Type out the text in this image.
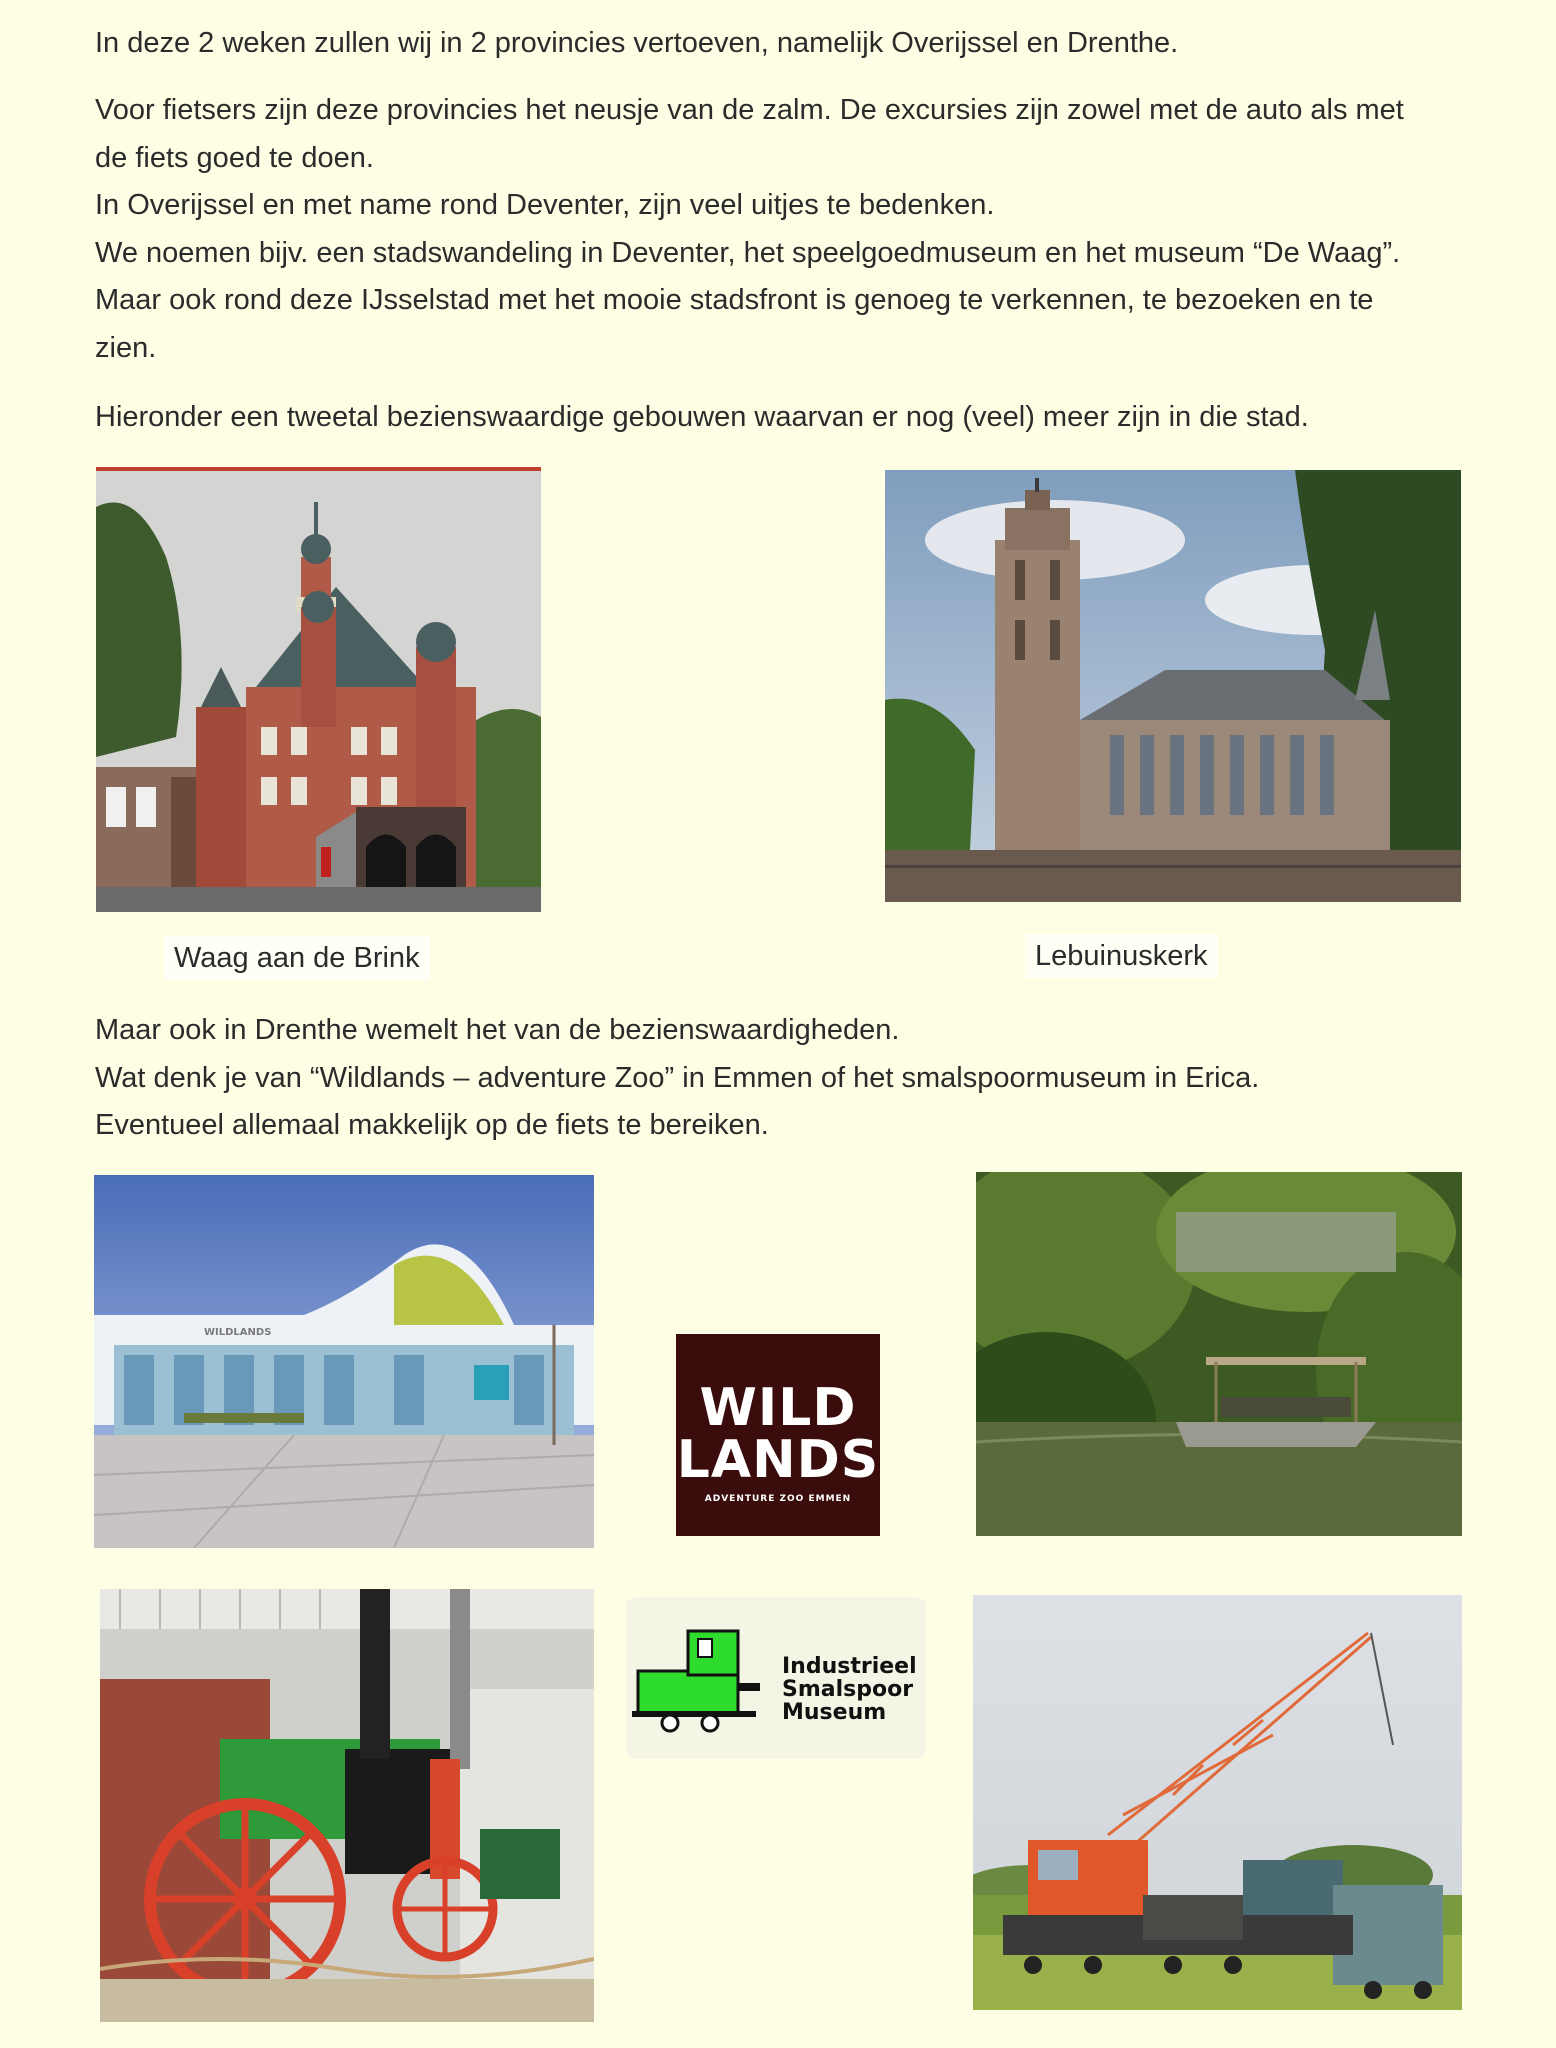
In deze 2 weken zullen wij in 2 provincies vertoeven, namelijk Overijssel en Drenthe.

Voor fietsers zijn deze provincies het neusje van de zalm. De excursies zijn zowel met de auto als met
de fiets goed te doen.
In Overijssel en met name rond Deventer, zijn veel uitjes te bedenken.
We noemen bijv. een stadswandeling in Deventer, het speelgoedmuseum en het museum “De Waag”.
Maar ook rond deze IJsselstad met het mooie stadsfront is genoeg te verkennen, te bezoeken en te
zien.

Hieronder een tweetal bezienswaardige gebouwen waarvan er nog (veel) meer zijn in die stad.

Waag aan de Brink	Lebuinuskerk

Maar ook in Drenthe wemelt het van de bezienswaardigheden.
Wat denk je van “Wildlands – adventure Zoo” in Emmen of het smalspoormuseum in Erica.
Eventueel allemaal makkelijk op de fiets te bereiken.

WILDLANDS
WILD
LANDS
ADVENTURE ZOO EMMEN
Industrieel
Smalspoor
Museum
